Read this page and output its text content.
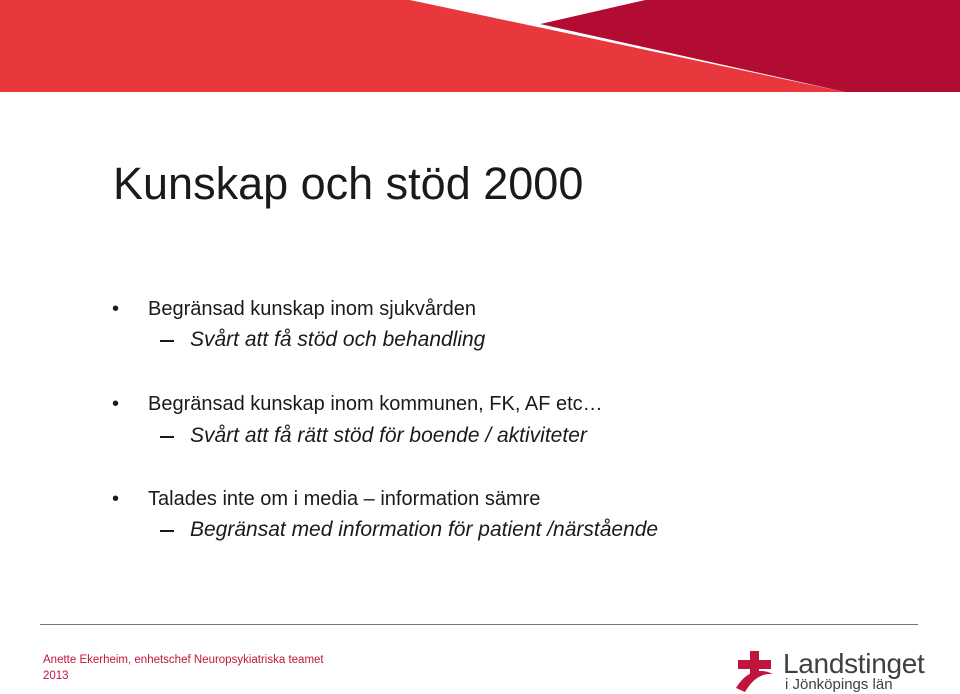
Kunskap och stöd 2000
• Begränsad kunskap inom sjukvården
Svårt att få stöd och behandling
• Begränsad kunskap inom kommunen, FK, AF etc…
Svårt att få rätt stöd för boende / aktiviteter
• Talades inte om i media – information sämre
Begränsat med information för patient /närstående
Anette Ekerheim, enhetschef Neuropsykiatriska teamet 2013	Landstinget
i Jönköpings län
